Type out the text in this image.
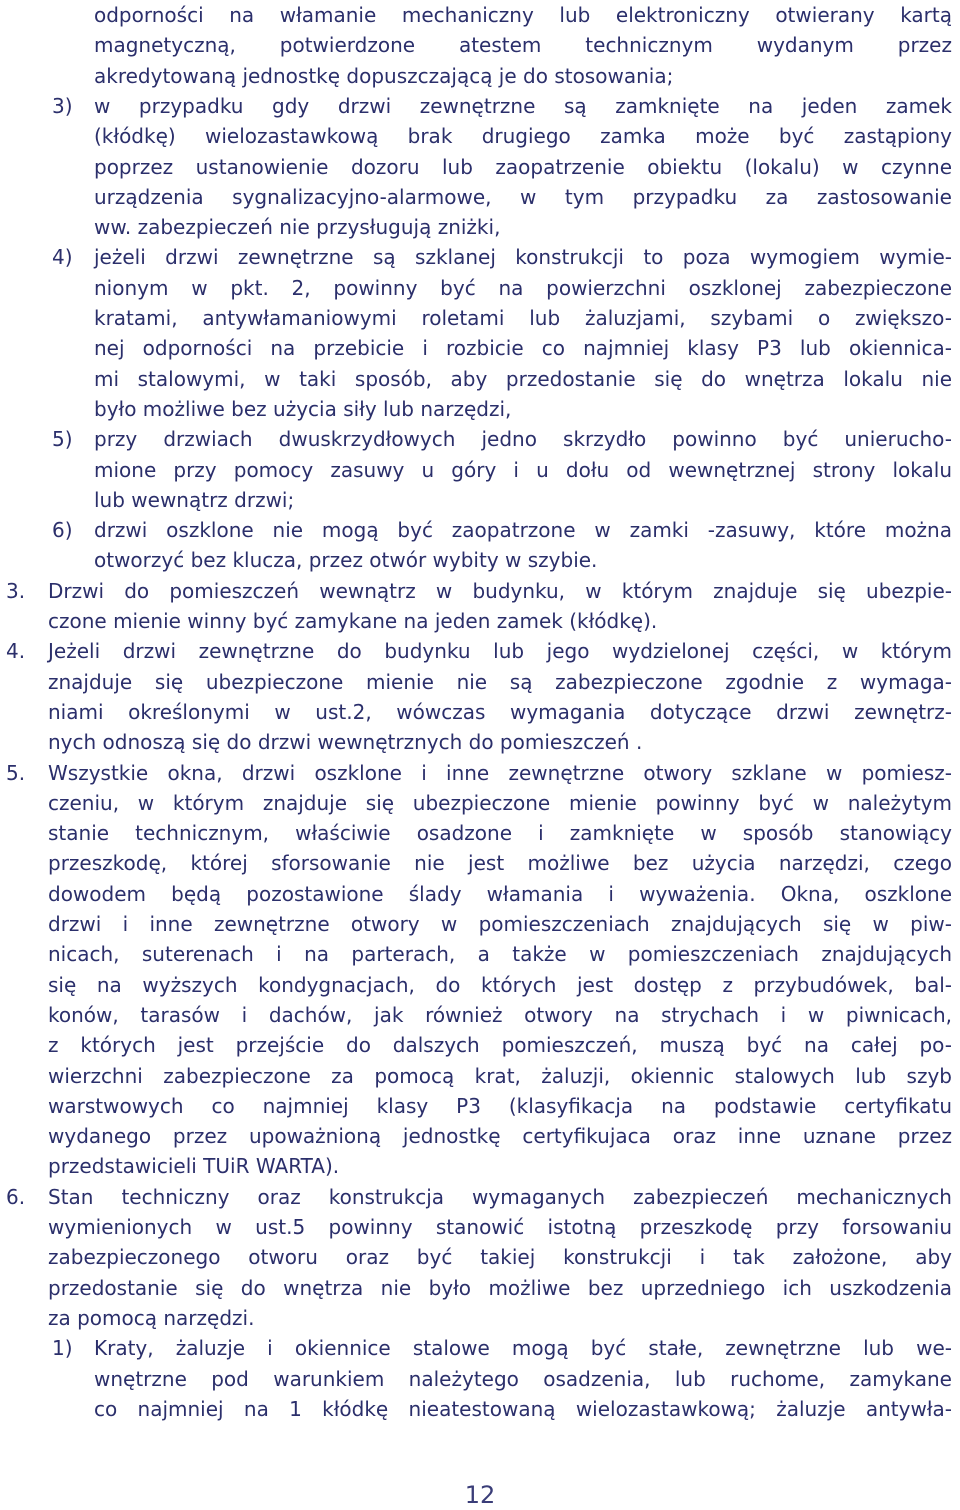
odporności na włamanie mechaniczny lub elektroniczny otwierany kartą
magnetyczną, potwierdzone atestem technicznym wydanym przez
akredytowaną jednostkę dopuszczającą je do stosowania;
3) w przypadku gdy drzwi zewnętrzne są zamknięte na jeden zamek
(kłódkę) wielozastawkową brak drugiego zamka może być zastąpiony
poprzez ustanowienie dozoru lub zaopatrzenie obiektu (lokalu) w czynne
urządzenia sygnalizacyjno-alarmowe, w tym przypadku za zastosowanie
ww. zabezpieczeń nie przysługują zniżki,
4) jeżeli drzwi zewnętrzne są szklanej konstrukcji to poza wymogiem wymie-
nionym w pkt. 2, powinny być na powierzchni oszklonej zabezpieczone
kratami, antywłamaniowymi roletami lub żaluzjami, szybami o zwiększo-
nej odporności na przebicie i rozbicie co najmniej klasy P3 lub okiennica-
mi stalowymi, w taki sposób, aby przedostanie się do wnętrza lokalu nie
było możliwe bez użycia siły lub narzędzi,
5) przy drzwiach dwuskrzydłowych jedno skrzydło powinno być unierucho-
mione przy pomocy zasuwy u góry i u dołu od wewnętrznej strony lokalu
lub wewnątrz drzwi;
6) drzwi oszklone nie mogą być zaopatrzone w zamki -zasuwy, które można
otworzyć bez klucza, przez otwór wybity w szybie.
3. Drzwi do pomieszczeń wewnątrz w budynku, w którym znajduje się ubezpie-
czone mienie winny być zamykane na jeden zamek (kłódkę).
4. Jeżeli drzwi zewnętrzne do budynku lub jego wydzielonej części, w którym
znajduje się ubezpieczone mienie nie są zabezpieczone zgodnie z wymaga-
niami określonymi w ust.2, wówczas wymagania dotyczące drzwi zewnętrz-
nych odnoszą się do drzwi wewnętrznych do pomieszczeń .
5. Wszystkie okna, drzwi oszklone i inne zewnętrzne otwory szklane w pomiesz-
czeniu, w którym znajduje się ubezpieczone mienie powinny być w należytym
stanie technicznym, właściwie osadzone i zamknięte w sposób stanowiący
przeszkodę, której sforsowanie nie jest możliwe bez użycia narzędzi, czego
dowodem będą pozostawione ślady włamania i wyważenia. Okna, oszklone
drzwi i inne zewnętrzne otwory w pomieszczeniach znajdujących się w piw-
nicach, suterenach i na parterach, a także w pomieszczeniach znajdujących
się na wyższych kondygnacjach, do których jest dostęp z przybudówek, bal-
konów, tarasów i dachów, jak również otwory na strychach i w piwnicach,
z których jest przejście do dalszych pomieszczeń, muszą być na całej po-
wierzchni zabezpieczone za pomocą krat, żaluzji, okiennic stalowych lub szyb
warstwowych co najmniej klasy P3 (klasyfikacja na podstawie certyfikatu
wydanego przez upoważnioną jednostkę certyfikujaca oraz inne uznane przez
przedstawicieli TUiR WARTA).
6. Stan techniczny oraz konstrukcja wymaganych zabezpieczeń mechanicznych
wymienionych w ust.5 powinny stanowić istotną przeszkodę przy forsowaniu
zabezpieczonego otworu oraz być takiej konstrukcji i tak założone, aby
przedostanie się do wnętrza nie było możliwe bez uprzedniego ich uszkodzenia
za pomocą narzędzi.
1) Kraty, żaluzje i okiennice stalowe mogą być stałe, zewnętrzne lub we-
wnętrzne pod warunkiem należytego osadzenia, lub ruchome, zamykane
co najmniej na 1 kłódkę nieatestowaną wielozastawkową; żaluzje antywła-
12
